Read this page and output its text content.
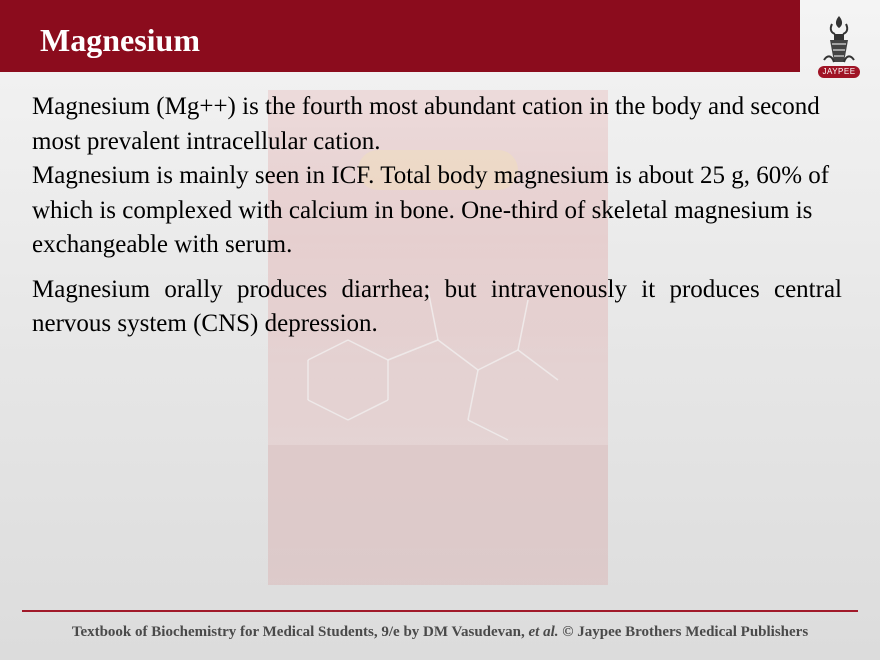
Magnesium
JAYPEE

Magnesium (Mg++) is the fourth most abundant cation in the body and second most prevalent intracellular cation.

Magnesium is mainly seen in ICF. Total body magnesium is about 25 g, 60% of which is complexed with calcium in bone. One-third of skeletal magnesium is exchangeable with serum.

Magnesium orally produces diarrhea; but intravenously it produces central nervous system (CNS) depression.

Textbook of Biochemistry for Medical Students, 9/e by DM Vasudevan, et al. © Jaypee Brothers Medical Publishers
